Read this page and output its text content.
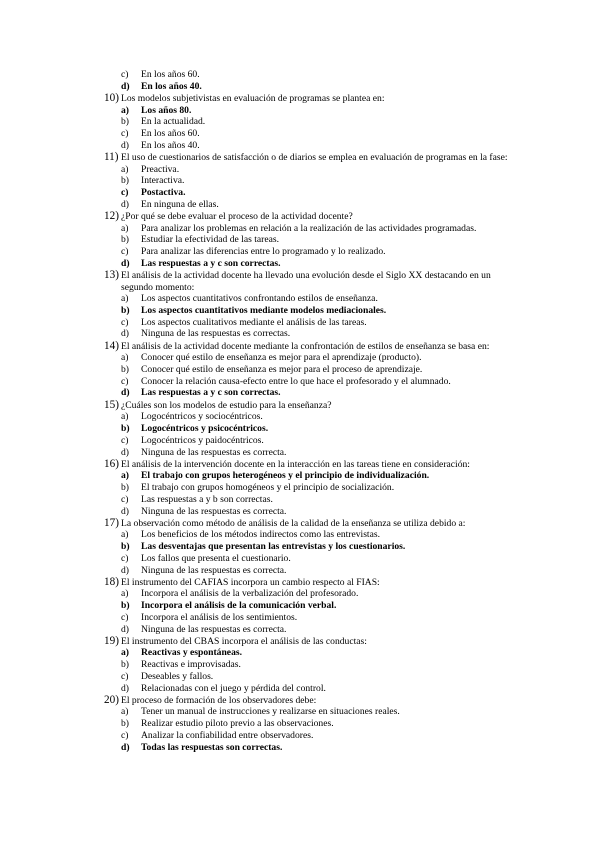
c) En los años 60.
d) En los años 40.
10) Los modelos subjetivistas en evaluación de programas se plantea en:
a) Los años 80.
b) En la actualidad.
c) En los años 60.
d) En los años 40.
11) El uso de cuestionarios de satisfacción o de diarios se emplea en evaluación de programas en la fase:
a) Preactiva.
b) Interactiva.
c) Postactiva.
d) En ninguna de ellas.
12) ¿Por qué se debe evaluar el proceso de la actividad docente?
a) Para analizar los problemas en relación a la realización de las actividades programadas.
b) Estudiar la efectividad de las tareas.
c) Para analizar las diferencias entre lo programado y lo realizado.
d) Las respuestas a y c son correctas.
13) El análisis de la actividad docente ha llevado una evolución desde el Siglo XX destacando en un segundo momento:
a) Los aspectos cuantitativos confrontando estilos de enseñanza.
b) Los aspectos cuantitativos mediante modelos mediacionales.
c) Los aspectos cualitativos mediante el análisis de las tareas.
d) Ninguna de las respuestas es correctas.
14) El análisis de la actividad docente mediante la confrontación de estilos de enseñanza se basa en:
a) Conocer qué estilo de enseñanza es mejor para el aprendizaje (producto).
b) Conocer qué estilo de enseñanza es mejor para el proceso de aprendizaje.
c) Conocer la relación causa-efecto entre lo que hace el profesorado y el alumnado.
d) Las respuestas a y c son correctas.
15) ¿Cuáles son los modelos de estudio para la enseñanza?
a) Logocéntricos y sociocéntricos.
b) Logocéntricos y psicocéntricos.
c) Logocéntricos y paidocéntricos.
d) Ninguna de las respuestas es correcta.
16) El análisis de la intervención docente en la interacción en las tareas tiene en consideración:
a) El trabajo con grupos heterogéneos y el principio de individualización.
b) El trabajo con grupos homogéneos y el principio de socialización.
c) Las respuestas a y b son correctas.
d) Ninguna de las respuestas es correcta.
17) La observación como método de análisis de la calidad de la enseñanza se utiliza debido a:
a) Los beneficios de los métodos indirectos como las entrevistas.
b) Las desventajas que presentan las entrevistas y los cuestionarios.
c) Los fallos que presenta el cuestionario.
d) Ninguna de las respuestas es correcta.
18) El instrumento del CAFIAS incorpora un cambio respecto al FIAS:
a) Incorpora el análisis de la verbalización del profesorado.
b) Incorpora el análisis de la comunicación verbal.
c) Incorpora el análisis de los sentimientos.
d) Ninguna de las respuestas es correcta.
19) El instrumento del CBAS incorpora el análisis de las conductas:
a) Reactivas y espontáneas.
b) Reactivas e improvisadas.
c) Deseables y fallos.
d) Relacionadas con el juego y pérdida del control.
20) El proceso de formación de los observadores debe:
a) Tener un manual de instrucciones y realizarse en situaciones reales.
b) Realizar estudio piloto previo a las observaciones.
c) Analizar la confiabilidad entre observadores.
d) Todas las respuestas son correctas.
